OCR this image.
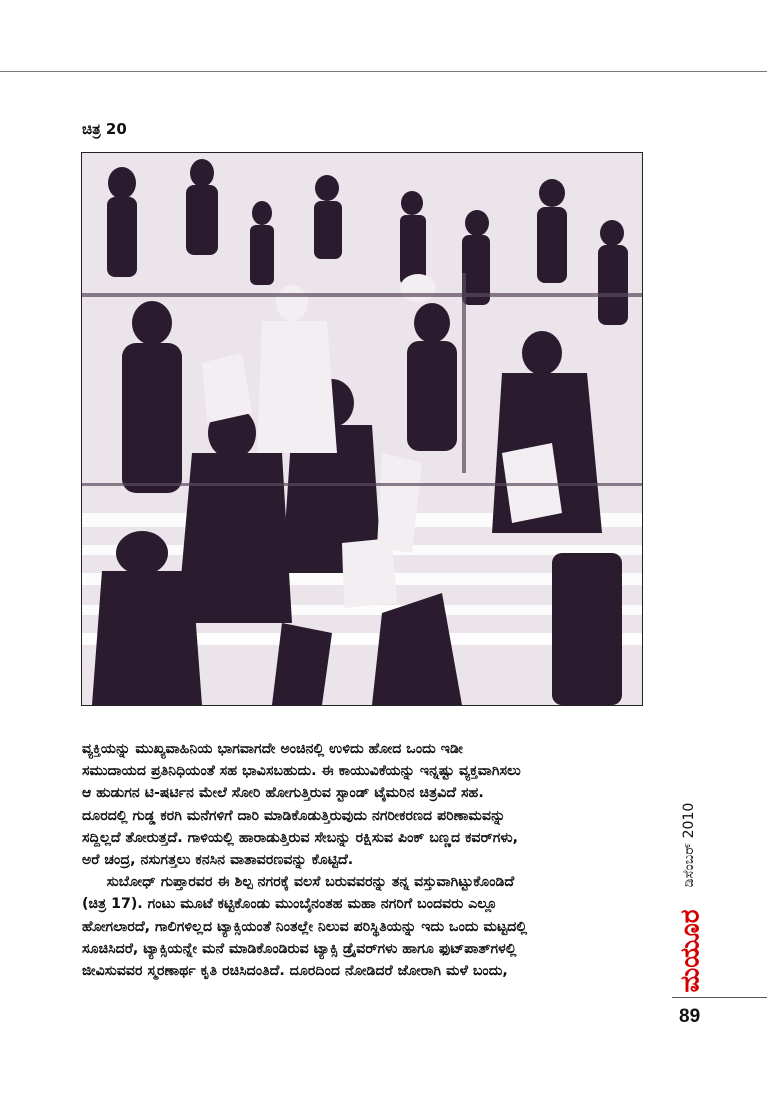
ಚಿತ್ರ 20

ವ್ಯಕ್ತಿಯನ್ನು ಮುಖ್ಯವಾಹಿನಿಯ ಭಾಗವಾಗದೇ ಅಂಚಿನಲ್ಲಿ ಉಳಿದು ಹೋದ ಒಂದು ಇಡೀ

ಸಮುದಾಯದ ಪ್ರತಿನಿಧಿಯಂತೆ ಸಹ ಭಾವಿಸಬಹುದು. ಈ ಕಾಯುವಿಕೆಯನ್ನು ಇನ್ನಷ್ಟು ವ್ಯಕ್ತವಾಗಿಸಲು

ಆ ಹುಡುಗನ ಟಿ-ಷರ್ಟಿನ ಮೇಲೆ ಸೋರಿ ಹೋಗುತ್ತಿರುವ ಸ್ಟಾಂಡ್ ಟೈಮರಿನ ಚಿತ್ರವಿದೆ ಸಹ.

ದೂರದಲ್ಲಿ ಗುಡ್ಡ ಕರಗಿ ಮನೆಗಳಿಗೆ ದಾರಿ ಮಾಡಿಕೊಡುತ್ತಿರುವುದು ನಗರೀಕರಣದ ಪರಿಣಾಮವನ್ನು

ಸದ್ದಿಲ್ಲದೆ ತೋರುತ್ತದೆ. ಗಾಳಿಯಲ್ಲಿ ಹಾರಾಡುತ್ತಿರುವ ಸೇಬನ್ನು ರಕ್ಷಿಸುವ ಪಿಂಕ್ ಬಣ್ಣದ ಕವರ್‌ಗಳು,

ಅರೆ ಚಂದ್ರ, ನಸುಗತ್ತಲು ಕನಸಿನ ವಾತಾವರಣವನ್ನು ಕೊಟ್ಟಿದೆ.

ಸುಬೋಧ್ ಗುಪ್ತಾರವರ ಈ ಶಿಲ್ಪ ನಗರಕ್ಕೆ ವಲಸೆ ಬರುವವರನ್ನು ತನ್ನ ವಸ್ತುವಾಗಿಟ್ಟುಕೊಂಡಿದೆ

(ಚಿತ್ರ 17). ಗಂಟು ಮೂಟೆ ಕಟ್ಟಿಕೊಂಡು ಮುಂಬೈನಂತಹ ಮಹಾ ನಗರಿಗೆ ಬಂದವರು ಎಲ್ಲೂ

ಹೋಗಲಾರದೆ, ಗಾಲಿಗಳಿಲ್ಲದ ಟ್ಯಾಕ್ಸಿಯಂತೆ ನಿಂತಲ್ಲೇ ನಿಲುವ ಪರಿಸ್ಥಿತಿಯನ್ನು ಇದು ಒಂದು ಮಟ್ಟದಲ್ಲಿ

ಸೂಚಿಸಿದರೆ, ಟ್ಯಾಕ್ಸಿಯನ್ನೇ ಮನೆ ಮಾಡಿಕೊಂಡಿರುವ ಟ್ಯಾಕ್ಸಿ ಡ್ರೈವರ್‌ಗಳು ಹಾಗೂ ಫುಟ್‌ಪಾತ್‌ಗಳಲ್ಲಿ

ಜೀವಿಸುವವರ ಸ್ಮರಣಾರ್ಥ ಕೃತಿ ರಚಿಸಿದಂತಿದೆ. ದೂರದಿಂದ ನೋಡಿದರೆ ಜೋರಾಗಿ ಮಳೆ ಬಂದು,

ಡಿಸೆಂಬರ್ 2010
ಮಯೂರ
89
